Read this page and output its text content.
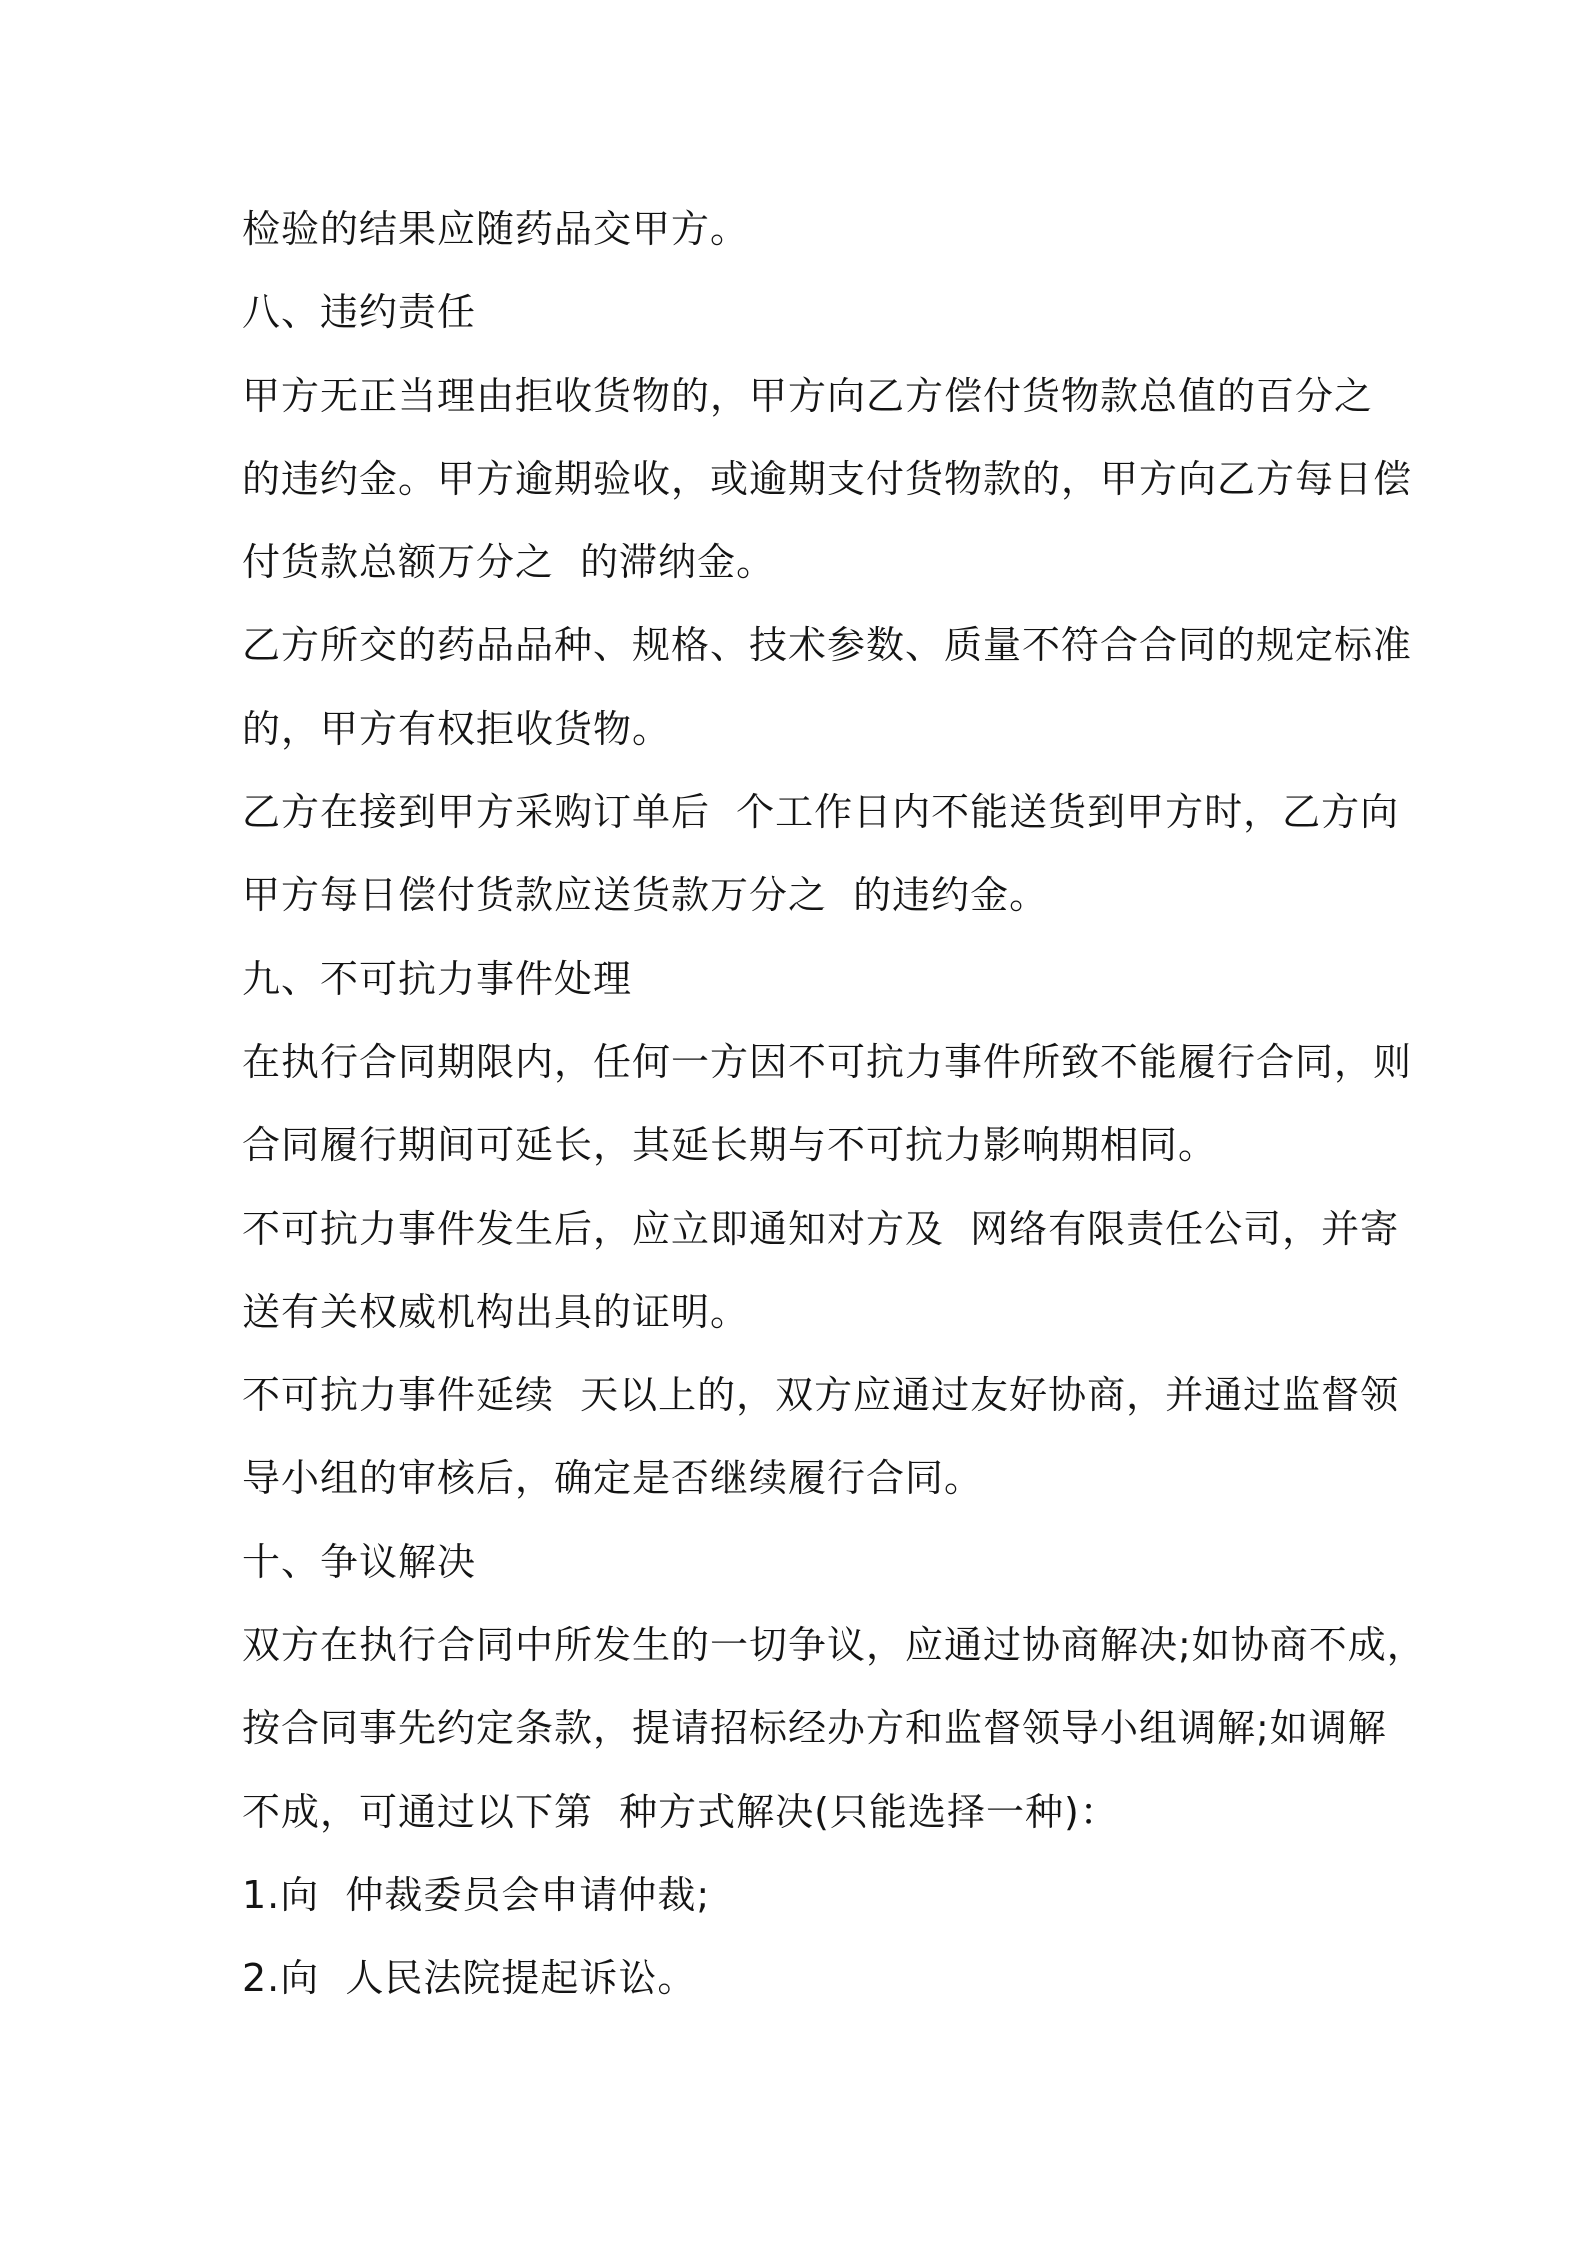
检验的结果应随药品交甲方。
八、违约责任
甲方无正当理由拒收货物的，甲方向乙方偿付货物款总值的百分之
的违约金。甲方逾期验收，或逾期支付货物款的，甲方向乙方每日偿
付货款总额万分之  的滞纳金。
乙方所交的药品品种、规格、技术参数、质量不符合合同的规定标准
的，甲方有权拒收货物。
乙方在接到甲方采购订单后  个工作日内不能送货到甲方时，乙方向
甲方每日偿付货款应送货款万分之  的违约金。
九、不可抗力事件处理
在执行合同期限内，任何一方因不可抗力事件所致不能履行合同，则
合同履行期间可延长，其延长期与不可抗力影响期相同。
不可抗力事件发生后，应立即通知对方及  网络有限责任公司，并寄
送有关权威机构出具的证明。
不可抗力事件延续  天以上的，双方应通过友好协商，并通过监督领
导小组的审核后，确定是否继续履行合同。
十、争议解决
双方在执行合同中所发生的一切争议，应通过协商解决;如协商不成，
按合同事先约定条款，提请招标经办方和监督领导小组调解;如调解
不成，可通过以下第  种方式解决(只能选择一种)：
1.向  仲裁委员会申请仲裁;
2.向  人民法院提起诉讼。
